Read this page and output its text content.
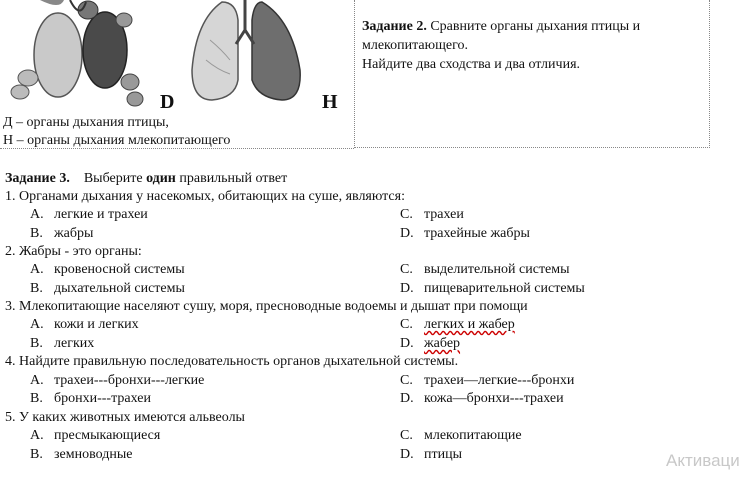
D	H
Д – органы дыхания птицы,
Н – органы дыхания млекопитающего
Задание 2. Сравните органы дыхания птицы и
млекопитающего.
Найдите два сходства и два отличия.
Задание 3. Выберите один правильный ответ
1. Органами дыхания у насекомых, обитающих на суше, являются:
А. легкие и трахеи	С. трахеи
В. жабры	D. трахейные жабры
2. Жабры - это органы:
А. кровеносной системы	С. выделительной системы
В. дыхательной системы	D. пищеварительной системы
3. Млекопитающие населяют сушу, моря, пресноводные водоемы и дышат при помощи
А. кожи и легких	С. легких и жабер
В. легких	D. жабер
4. Найдите правильную последовательность органов дыхательной системы.
А. трахеи---бронхи---легкие	С. трахеи—легкие---бронхи
В. бронхи---трахеи	D. кожа—бронхи---трахеи
5. У каких животных имеются альвеолы
А. пресмыкающиеся	С. млекопитающие
В. земноводные	D. птицы	Активаци
